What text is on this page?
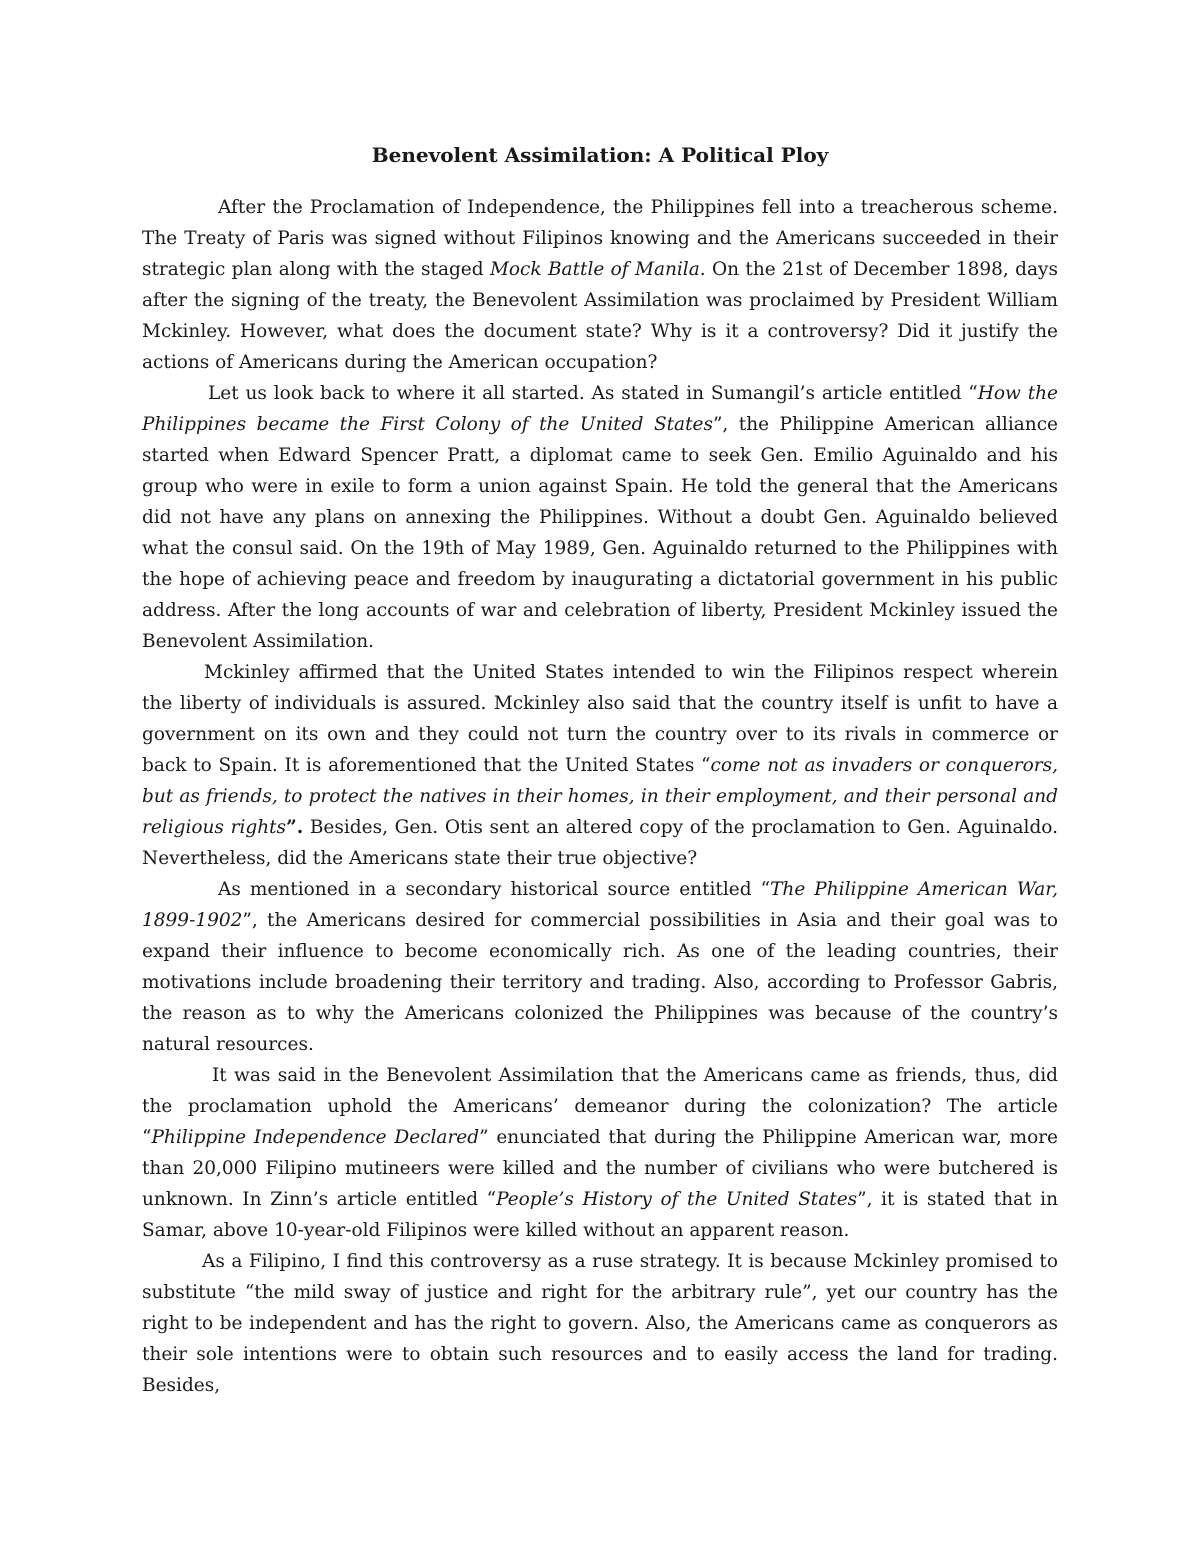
Benevolent Assimilation: A Political Ploy

After the Proclamation of Independence, the Philippines fell into a treacherous scheme. The Treaty of Paris was signed without Filipinos knowing and the Americans succeeded in their strategic plan along with the staged Mock Battle of Manila. On the 21st of December 1898, days after the signing of the treaty, the Benevolent Assimilation was proclaimed by President William Mckinley. However, what does the document state? Why is it a controversy? Did it justify the actions of Americans during the American occupation?

Let us look back to where it all started. As stated in Sumangil’s article entitled “How the Philippines became the First Colony of the United States”, the Philippine American alliance started when Edward Spencer Pratt, a diplomat came to seek Gen. Emilio Aguinaldo and his group who were in exile to form a union against Spain. He told the general that the Americans did not have any plans on annexing the Philippines. Without a doubt Gen. Aguinaldo believed what the consul said. On the 19th of May 1989, Gen. Aguinaldo returned to the Philippines with the hope of achieving peace and freedom by inaugurating a dictatorial government in his public address. After the long accounts of war and celebration of liberty, President Mckinley issued the Benevolent Assimilation.

Mckinley affirmed that the United States intended to win the Filipinos respect wherein the liberty of individuals is assured. Mckinley also said that the country itself is unfit to have a government on its own and they could not turn the country over to its rivals in commerce or back to Spain. It is aforementioned that the United States “come not as invaders or conquerors, but as friends, to protect the natives in their homes, in their employment, and their personal and religious rights”. Besides, Gen. Otis sent an altered copy of the proclamation to Gen. Aguinaldo. Nevertheless, did the Americans state their true objective?

As mentioned in a secondary historical source entitled “The Philippine American War, 1899-1902”, the Americans desired for commercial possibilities in Asia and their goal was to expand their influence to become economically rich. As one of the leading countries, their motivations include broadening their territory and trading. Also, according to Professor Gabris, the reason as to why the Americans colonized the Philippines was because of the country’s natural resources.

It was said in the Benevolent Assimilation that the Americans came as friends, thus, did the proclamation uphold the Americans’ demeanor during the colonization? The article “Philippine Independence Declared” enunciated that during the Philippine American war, more than 20,000 Filipino mutineers were killed and the number of civilians who were butchered is unknown. In Zinn’s article entitled “People’s History of the United States”, it is stated that in Samar, above 10-year-old Filipinos were killed without an apparent reason.

As a Filipino, I find this controversy as a ruse strategy. It is because Mckinley promised to substitute “the mild sway of justice and right for the arbitrary rule”, yet our country has the right to be independent and has the right to govern. Also, the Americans came as conquerors as their sole intentions were to obtain such resources and to easily access the land for trading. Besides,
